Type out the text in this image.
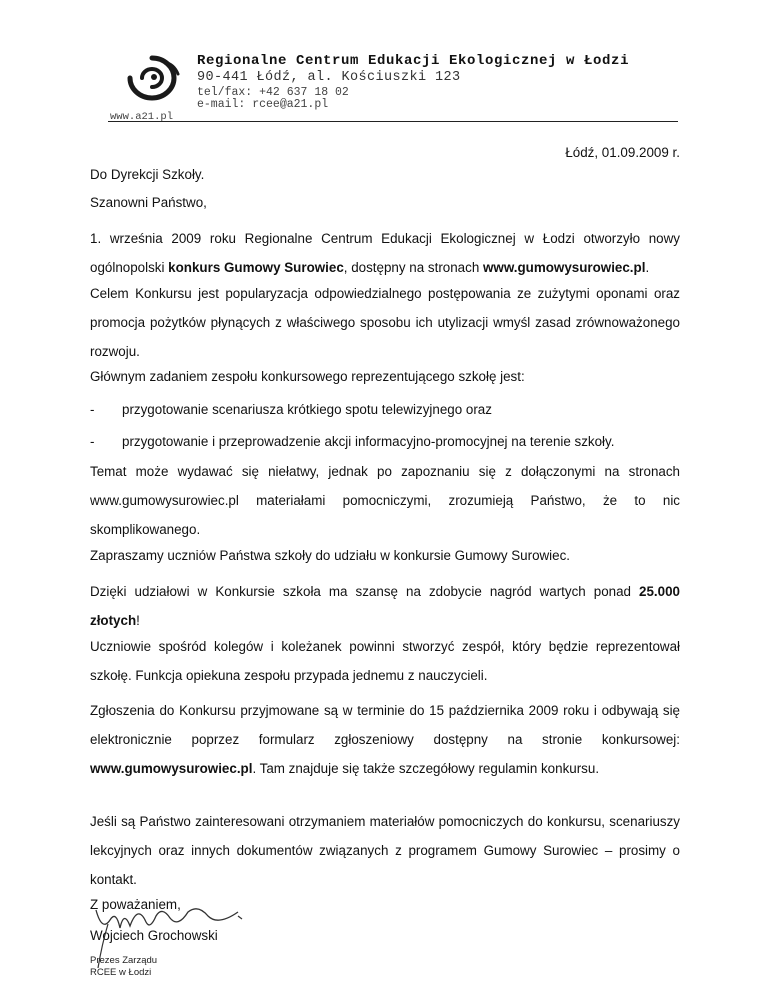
Regionalne Centrum Edukacji Ekologicznej w Łodzi
90-441 Łódź, al. Kościuszki 123
tel/fax: +42 637 18 02
e-mail: rcee@a21.pl
www.a21.pl
Łódź, 01.09.2009 r.
Do Dyrekcji Szkoły.
Szanowni Państwo,
1. września 2009 roku Regionalne Centrum Edukacji Ekologicznej w Łodzi otworzyło nowy ogólnopolski konkurs Gumowy Surowiec, dostępny na stronach www.gumowysurowiec.pl.
Celem Konkursu jest popularyzacja odpowiedzialnego postępowania ze zużytymi oponami oraz promocja pożytków płynących z właściwego sposobu ich utylizacji wmyśl zasad zrównoważonego rozwoju.
Głównym zadaniem zespołu konkursowego reprezentującego szkołę jest:
- przygotowanie scenariusza krótkiego spotu telewizyjnego oraz
- przygotowanie i przeprowadzenie akcji informacyjno-promocyjnej na terenie szkoły.
Temat może wydawać się niełatwy, jednak po zapoznaniu się z dołączonymi na stronach www.gumowysurowiec.pl materiałami pomocniczymi, zrozumieją Państwo, że to nic skomplikowanego.
Zapraszamy uczniów Państwa szkoły do udziału w konkursie Gumowy Surowiec.
Dzięki udziałowi w Konkursie szkoła ma szansę na zdobycie nagród wartych ponad 25.000 złotych!
Uczniowie spośród kolegów i koleżanek powinni stworzyć zespół, który będzie reprezentował szkołę. Funkcja opiekuna zespołu przypada jednemu z nauczycieli.
Zgłoszenia do Konkursu przyjmowane są w terminie do 15 października 2009 roku i odbywają się elektronicznie poprzez formularz zgłoszeniowy dostępny na stronie konkursowej: www.gumowysurowiec.pl. Tam znajduje się także szczegółowy regulamin konkursu.
Jeśli są Państwo zainteresowani otrzymaniem materiałów pomocniczych do konkursu, scenariuszy lekcyjnych oraz innych dokumentów związanych z programem Gumowy Surowiec – prosimy o kontakt.
Z poważaniem,
Wojciech Grochowski
Prezes Zarządu
RCEE w Łodzi
